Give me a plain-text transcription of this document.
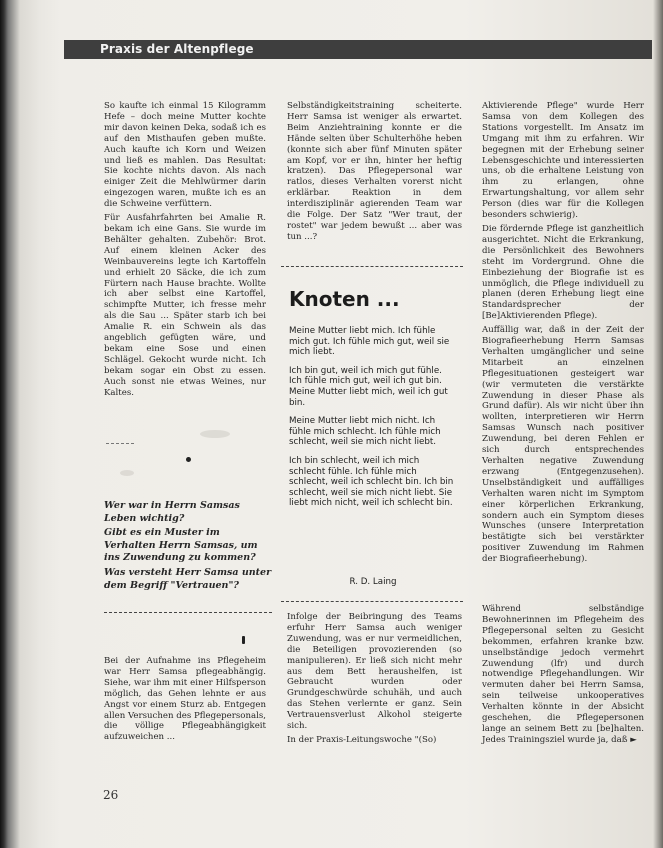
Praxis der Altenpflege

So kaufte ich einmal 15 Kilogramm Hefe – doch meine Mutter kochte mir davon keinen Deka, sodaß ich es auf den Misthaufen geben mußte. Auch kaufte ich Korn und Weizen und ließ es mahlen. Das Resultat: Sie kochte nichts davon. Als nach einiger Zeit die Mehlwürmer darin eingezogen waren, mußte ich es an die Schweine verfüttern.

Für Ausfahrfahrten bei Amalie R. bekam ich eine Gans. Sie wurde im Behälter gehalten. Zubehör: Brot. Auf einem kleinen Acker des Weinbauvereins legte ich Kartoffeln und erhielt 20 Säcke, die ich zum Fürtern nach Hause brachte. Wollte ich aber selbst eine Kartoffel, schimpfte Mutter, ich fresse mehr als die Sau ... Später starb ich bei Amalie R. ein Schwein als das angeblich gefügten wäre, und bekam eine Sose und einen Schlägel. Gekocht wurde nicht. Ich bekam sogar ein Obst zu essen. Auch sonst nie etwas Weines, nur Kaltes.

Wer war in Herrn Samsas Leben wichtig?

Gibt es ein Muster im Verhalten Herrn Samsas, um ins Zuwendung zu kommen?

Was versteht Herr Samsa unter dem Begriff "Vertrauen"?

Bei der Aufnahme ins Pflegeheim war Herr Samsa pflegeabhängig. Siehe, war ihm mit einer Hilfsperson möglich, das Gehen lehnte er aus Angst vor einem Sturz ab. Entgegen allen Versuchen des Pflegepersonals, die völlige Pflegeabhängigkeit aufzuweichen ...

Selbständigkeitstraining scheiterte. Herr Samsa ist weniger als erwartet. Beim Anziehtraining konnte er die Hände selten über Schulterhöhe heben (konnte sich aber fünf Minuten später am Kopf, vor er ihn, hinter her heftig kratzen). Das Pflegepersonal war ratlos, dieses Verhalten vorerst nicht erklärbar. Reaktion in dem interdisziplinär agierenden Team war die Folge. Der Satz "Wer traut, der rostet" war jedem bewußt ... aber was tun ...?

Knoten ...

Meine Mutter liebt mich. Ich fühle mich gut. Ich fühle mich gut, weil sie mich liebt.

Ich bin gut, weil ich mich gut fühle. Ich fühle mich gut, weil ich gut bin. Meine Mutter liebt mich, weil ich gut bin.

Meine Mutter liebt mich nicht. Ich fühle mich schlecht. Ich fühle mich schlecht, weil sie mich nicht liebt.

Ich bin schlecht, weil ich mich schlecht fühle. Ich fühle mich schlecht, weil ich schlecht bin. Ich bin schlecht, weil sie mich nicht liebt. Sie liebt mich nicht, weil ich schlecht bin.

R. D. Laing

Infolge der Beibringung des Teams erfuhr Herr Samsa auch weniger Zuwendung, was er nur vermeidlichen, die Beteiligen provozierenden (so manipulieren). Er ließ sich nicht mehr aus dem Bett heraushelfen, ist Gebraucht wurden oder Grundgeschwürde schuhäh, und auch das Stehen verlernte er ganz. Sein Vertrauensverlust Alkohol steigerte sich.

In der Praxis-Leitungswoche "(So)

Aktivierende Pflege" wurde Herr Samsa von dem Kollegen des Stations vorgestellt. Im Ansatz im Umgang mit ihm zu erfahren. Wir begegnen mit der Erhebung seiner Lebensgeschichte und interessierten uns, ob die erhaltene Leistung von ihm zu erlangen, ohne Erwartungshaltung, vor allem sehr Person (dies war für die Kollegen besonders schwierig).

Die fördernde Pflege ist ganzheitlich ausgerichtet. Nicht die Erkrankung, die Persönlichkeit des Bewohners steht im Vordergrund. Ohne die Einbeziehung der Biografie ist es unmöglich, die Pflege individuell zu planen (deren Erhebung liegt eine Standardsprecher der [Be]Aktivierenden Pflege).

Auffällig war, daß in der Zeit der Biografieerhebung Herrn Samsas Verhalten umgänglicher und seine Mitarbeit an einzelnen Pflegesituationen gesteigert war (wir vermuteten die verstärkte Zuwendung in dieser Phase als Grund dafür). Als wir nicht über ihn wollten, interpretieren wir Herrn Samsas Wunsch nach positiver Zuwendung, bei deren Fehlen er sich durch entsprechendes Verhalten negative Zuwendung erzwang (Entgegenzusehen). Unselbständigkeit und auffälliges Verhalten waren nicht im Symptom einer körperlichen Erkrankung, sondern auch ein Symptom dieses Wunsches (unsere Interpretation bestätigte sich bei verstärkter positiver Zuwendung im Rahmen der Biografieerhebung).

Während selbständige Bewohnerinnen im Pflegeheim des Pflegepersonal selten zu Gesicht bekommen, erfahren kranke bzw. unselbständige jedoch vermehrt Zuwendung (lfr) und durch notwendige Pflegehandlungen. Wir vermuten daher bei Herrn Samsa, sein teilweise unkooperatives Verhalten könnte in der Absicht geschehen, die Pflegepersonen lange an seinem Bett zu [be]halten. Jedes Trainingsziel wurde ja, daß ►

26
